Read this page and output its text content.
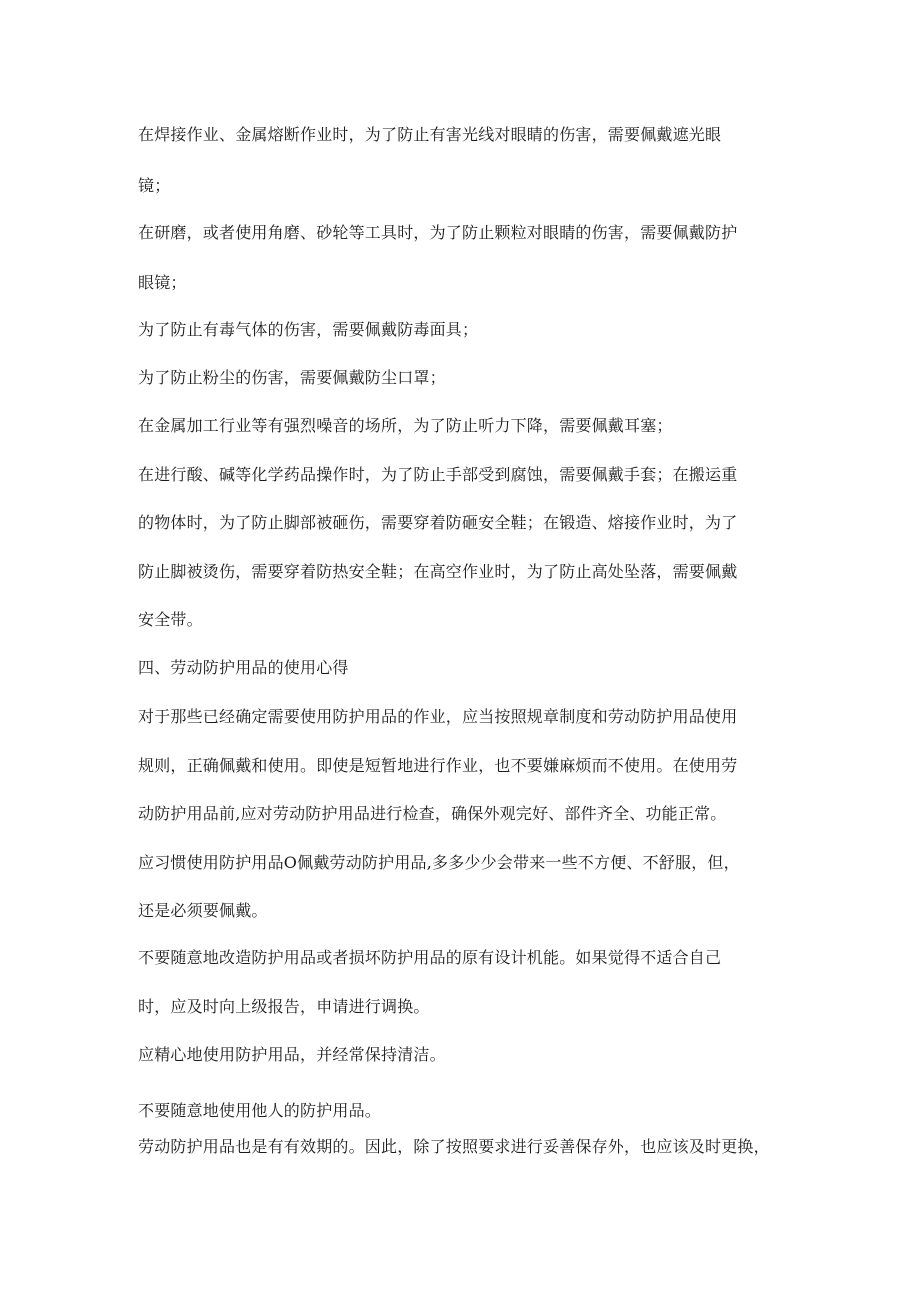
在焊接作业、金属熔断作业时，为了防止有害光线对眼睛的伤害，需要佩戴遮光眼

镜；

在研磨，或者使用角磨、砂轮等工具时，为了防止颗粒对眼睛的伤害，需要佩戴防护

眼镜；

为了防止有毒气体的伤害，需要佩戴防毒面具；

为了防止粉尘的伤害，需要佩戴防尘口罩；

在金属加工行业等有强烈噪音的场所，为了防止听力下降，需要佩戴耳塞；

在进行酸、碱等化学药品操作时，为了防止手部受到腐蚀，需要佩戴手套；在搬运重

的物体时，为了防止脚部被砸伤，需要穿着防砸安全鞋；在锻造、熔接作业时，为了

防止脚被烫伤，需要穿着防热安全鞋；在高空作业时，为了防止高处坠落，需要佩戴

安全带。

四、劳动防护用品的使用心得

对于那些已经确定需要使用防护用品的作业，应当按照规章制度和劳动防护用品使用

规则，正确佩戴和使用。即使是短暂地进行作业，也不要嫌麻烦而不使用。在使用劳

动防护用品前,应对劳动防护用品进行检查，确保外观完好、部件齐全、功能正常。

应习惯使用防护用品O佩戴劳动防护用品,多多少少会带来一些不方便、不舒服，但，

还是必须要佩戴。

不要随意地改造防护用品或者损坏防护用品的原有设计机能。如果觉得不适合自己

时，应及时向上级报告，申请进行调换。

应精心地使用防护用品，并经常保持清洁。

不要随意地使用他人的防护用品。

劳动防护用品也是有有效期的。因此，除了按照要求进行妥善保存外，也应该及时更换，
